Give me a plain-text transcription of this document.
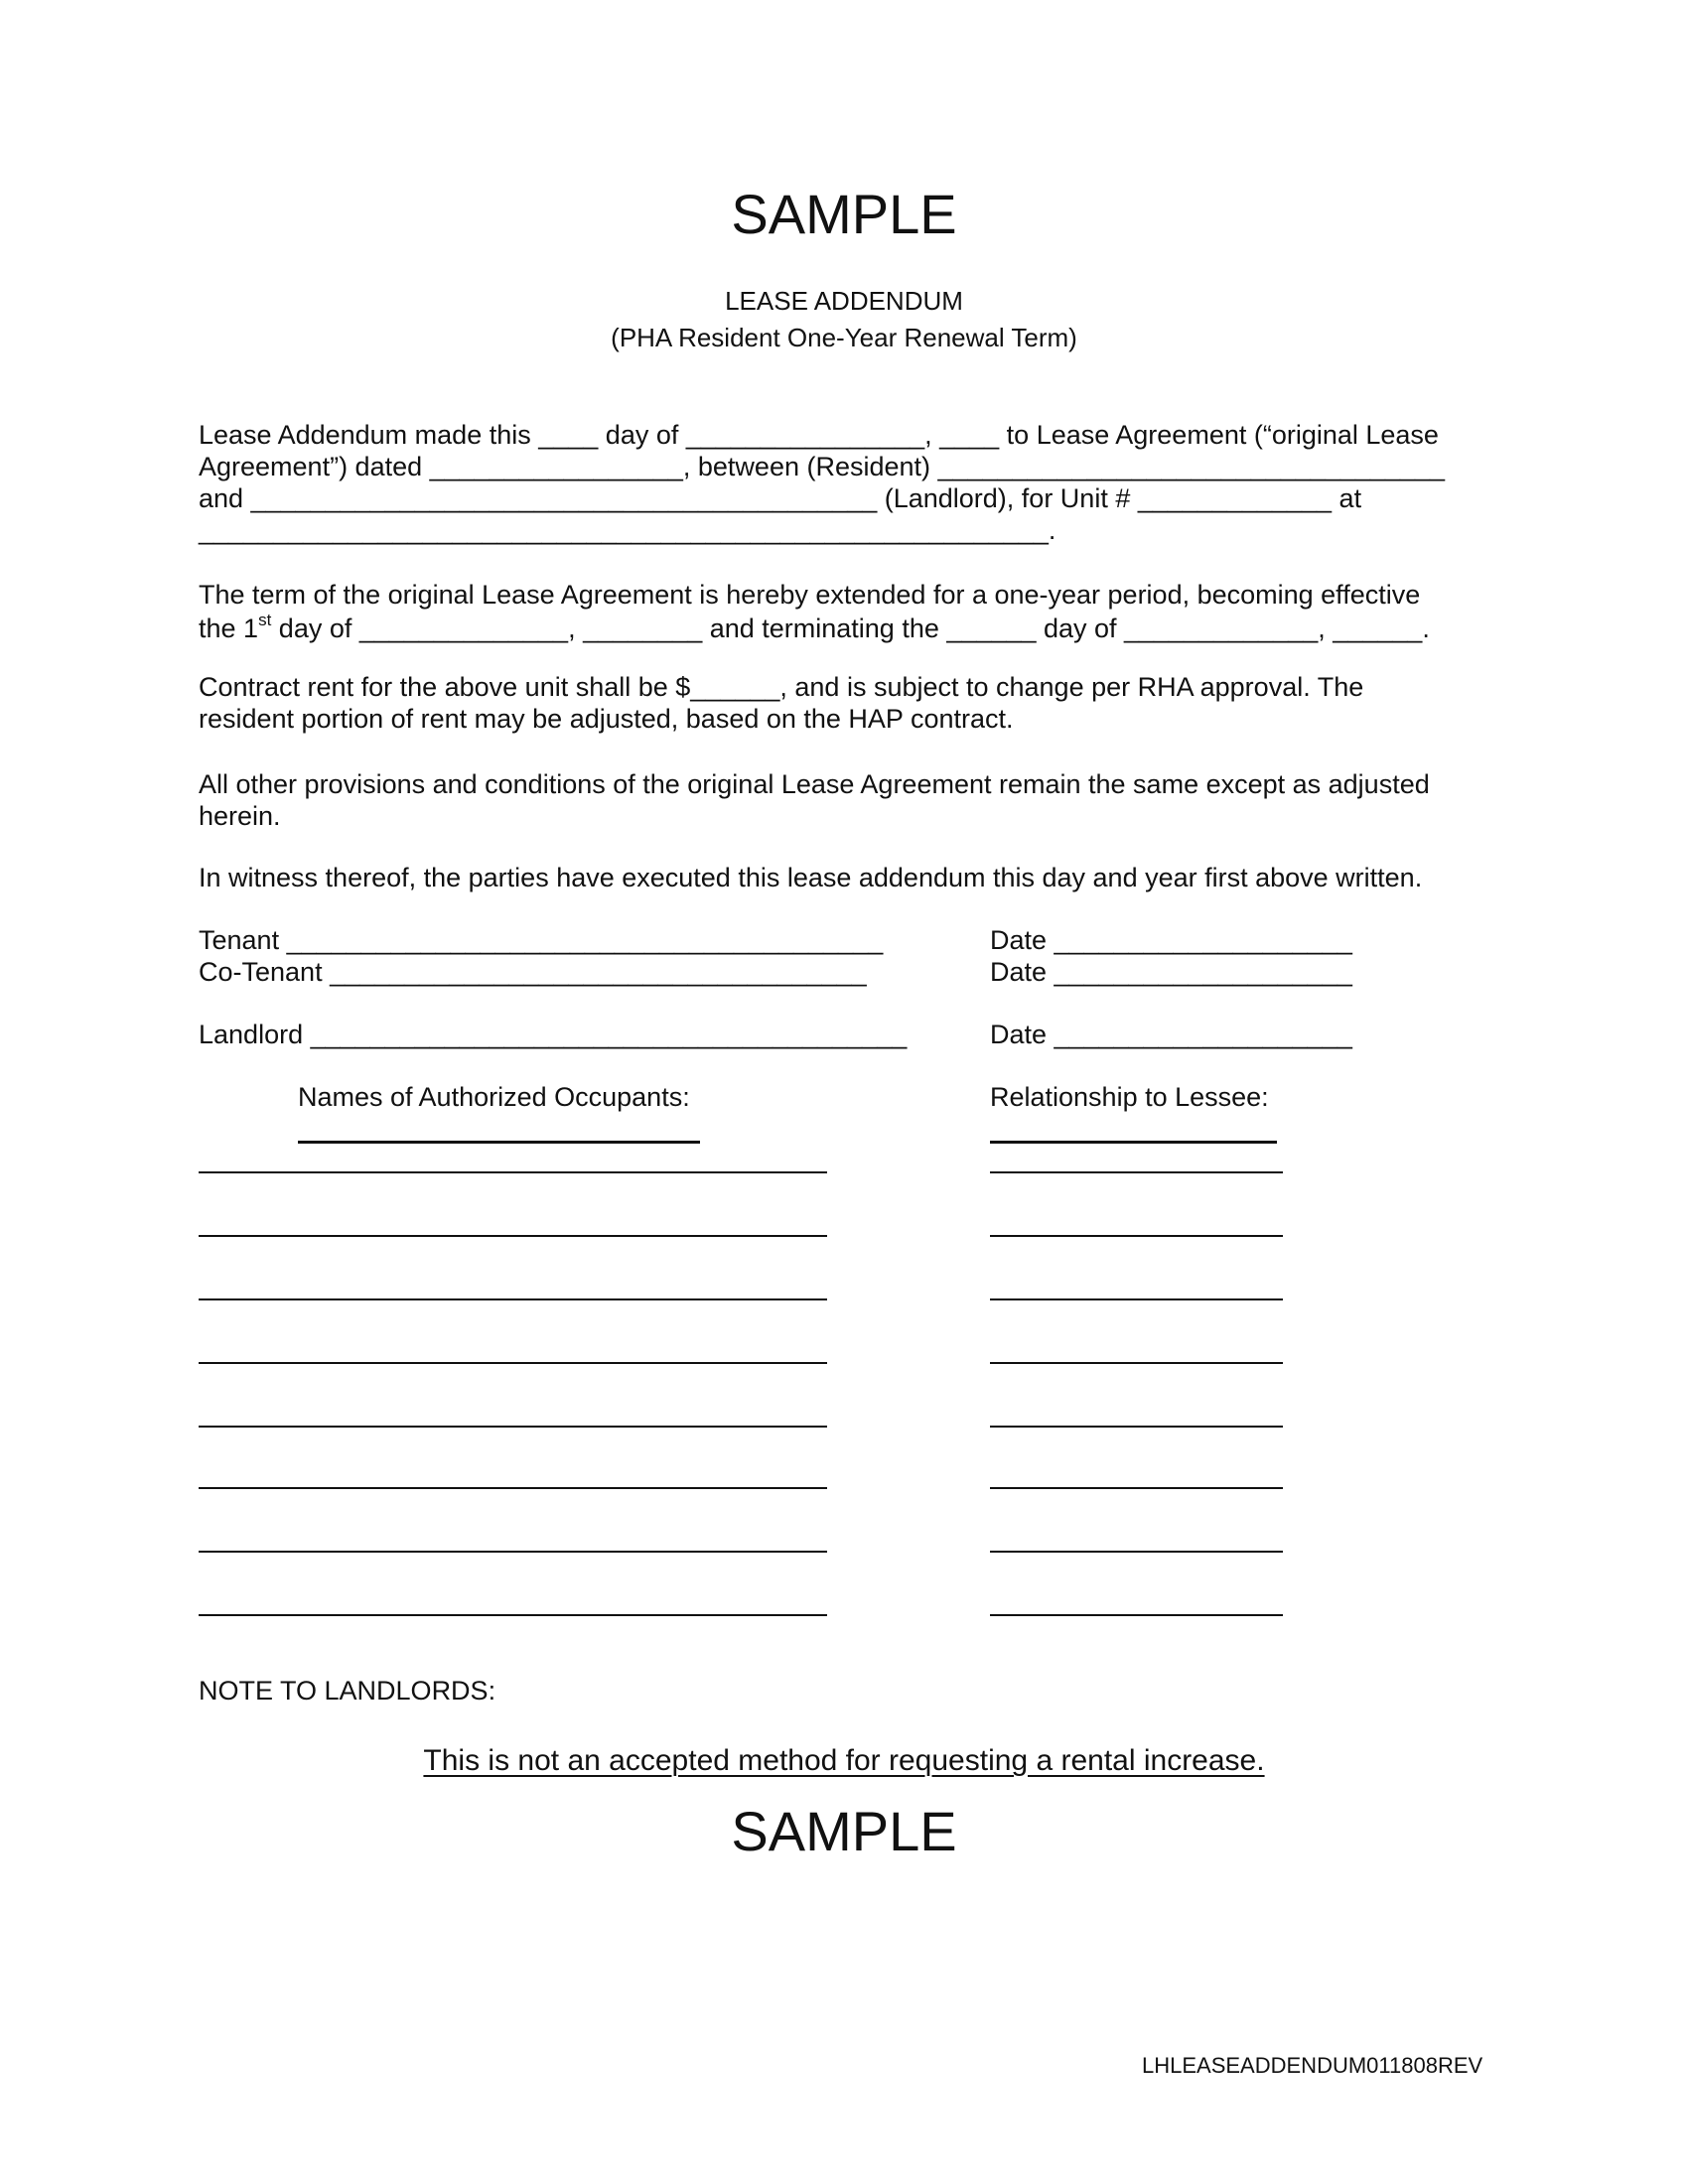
SAMPLE
LEASE ADDENDUM
(PHA Resident One-Year Renewal Term)
Lease Addendum made this ____ day of ________________, ____ to Lease Agreement (“original Lease
Agreement”) dated _________________, between (Resident) __________________________________
and __________________________________________ (Landlord), for Unit # _____________ at
_________________________________________________________.
The term of the original Lease Agreement is hereby extended for a one-year period, becoming effective
the 1st day of ______________, ________ and terminating the ______ day of _____________, ______.
Contract rent for the above unit shall be $______, and is subject to change per RHA approval. The
resident portion of rent may be adjusted, based on the HAP contract.
All other provisions and conditions of the original Lease Agreement remain the same except as adjusted
herein.
In witness thereof, the parties have executed this lease addendum this day and year first above written.
Tenant ________________________________________
Co-Tenant ____________________________________
Landlord ________________________________________
Date ____________________
Date ____________________
Date ____________________
Names of Authorized Occupants:	Relationship to Lessee:
NOTE TO LANDLORDS:
This is not an accepted method for requesting a rental increase.
SAMPLE
LHLEASEADDENDUM011808REV
